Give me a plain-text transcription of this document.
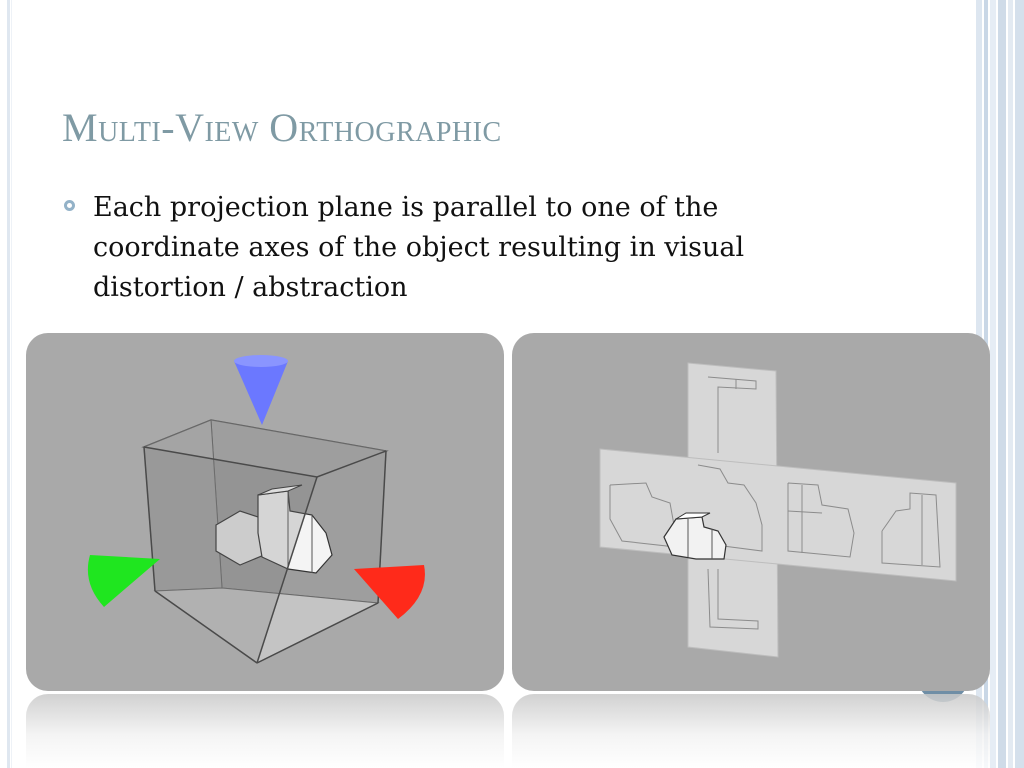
Multi-View Orthographic
Each projection plane is parallel to one of the coordinate axes of the object resulting in visual distortion / abstraction
